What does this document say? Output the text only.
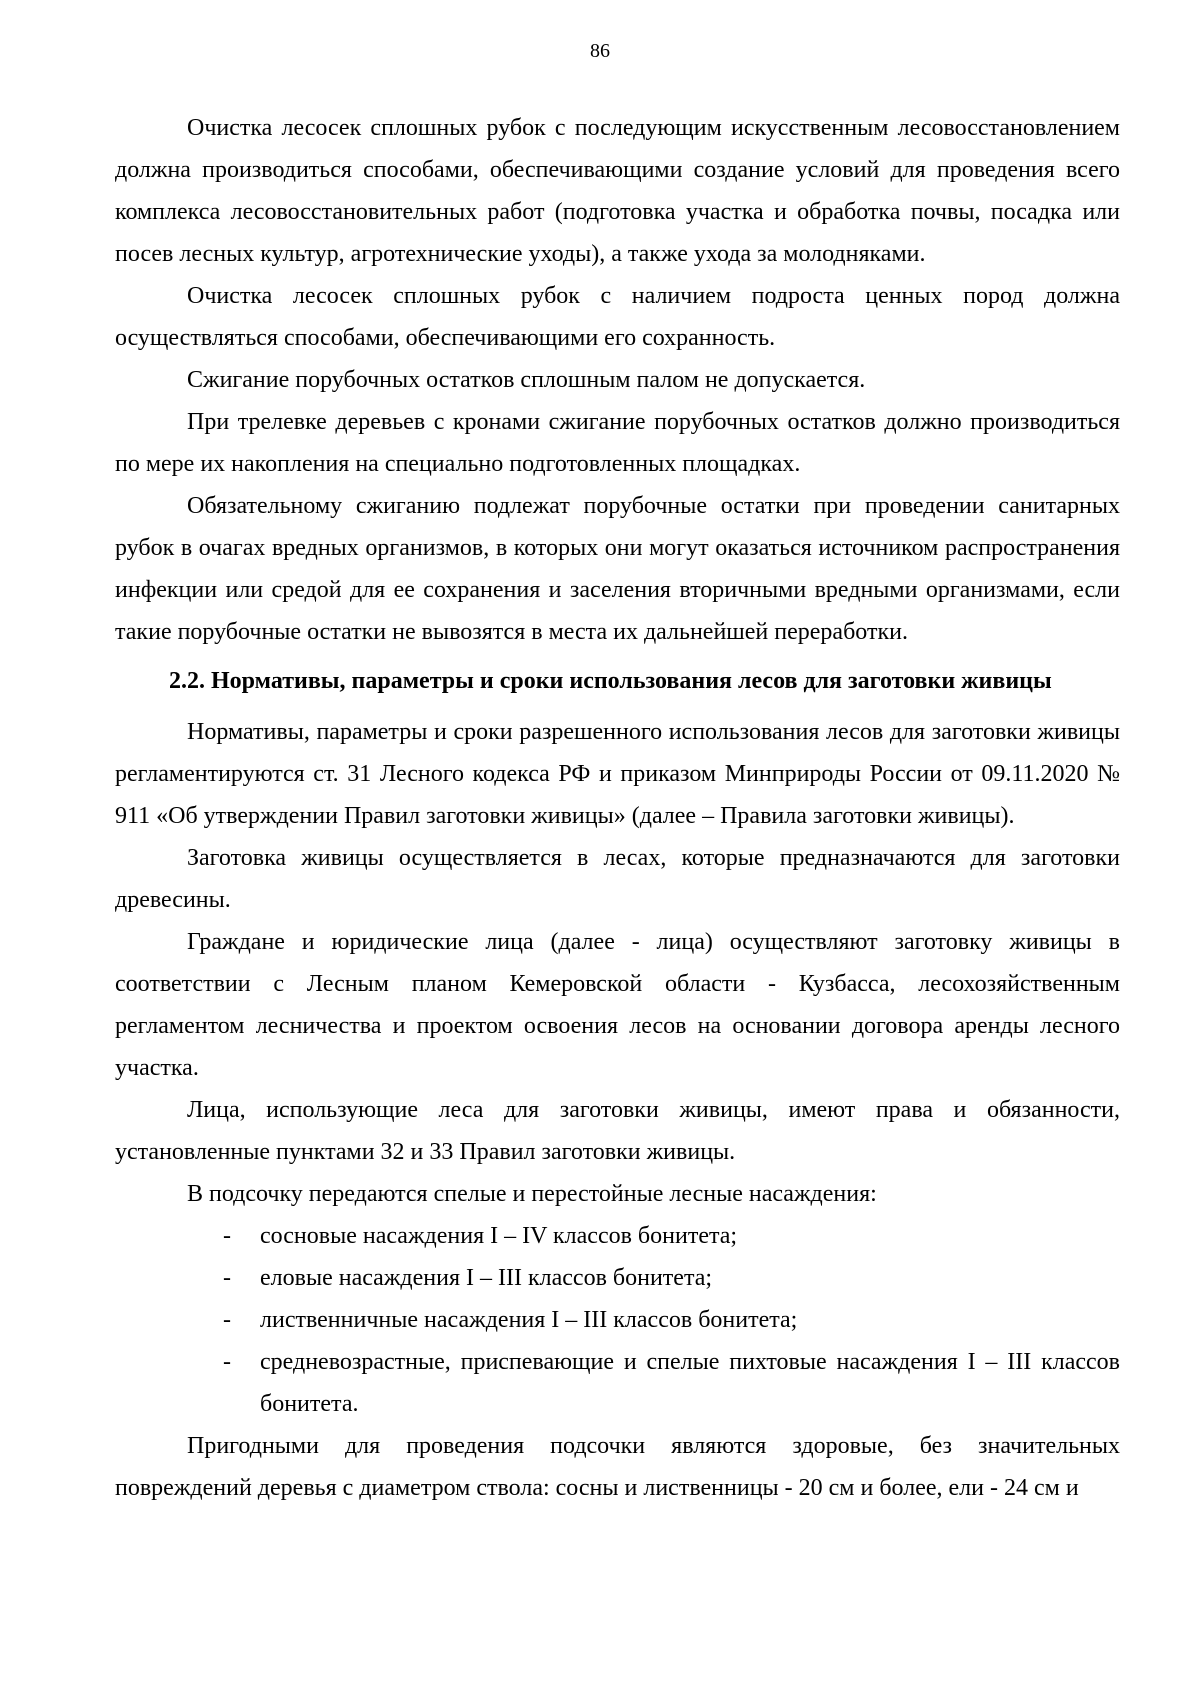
86

Очистка лесосек сплошных рубок с последующим искусственным лесовосстановлением должна производиться способами, обеспечивающими создание условий для проведения всего комплекса лесовосстановительных работ (подготовка участка и обработка почвы, посадка или посев лесных культур, агротехнические уходы), а также ухода за молодняками.

Очистка лесосек сплошных рубок с наличием подроста ценных пород должна осуществляться способами, обеспечивающими его сохранность.

Сжигание порубочных остатков сплошным палом не допускается.

При трелевке деревьев с кронами сжигание порубочных остатков должно производиться по мере их накопления на специально подготовленных площадках.

Обязательному сжиганию подлежат порубочные остатки при проведении санитарных рубок в очагах вредных организмов, в которых они могут оказаться источником распространения инфекции или средой для ее сохранения и заселения вторичными вредными организмами, если такие порубочные остатки не вывозятся в места их дальнейшей переработки.

2.2. Нормативы, параметры и сроки использования лесов для заготовки живицы

Нормативы, параметры и сроки разрешенного использования лесов для заготовки живицы регламентируются ст. 31 Лесного кодекса РФ и приказом Минприроды России от 09.11.2020 № 911 «Об утверждении Правил заготовки живицы» (далее – Правила заготовки живицы).

Заготовка живицы осуществляется в лесах, которые предназначаются для заготовки древесины.

Граждане и юридические лица (далее - лица) осуществляют заготовку живицы в соответствии с Лесным планом Кемеровской области - Кузбасса, лесохозяйственным регламентом лесничества и проектом освоения лесов на основании договора аренды лесного участка.

Лица, использующие леса для заготовки живицы, имеют права и обязанности, установленные пунктами 32 и 33 Правил заготовки живицы.

В подсочку передаются спелые и перестойные лесные насаждения:

- сосновые насаждения I – IV классов бонитета;
- еловые насаждения I – III классов бонитета;
- лиственничные насаждения I – III классов бонитета;
- средневозрастные, приспевающие и спелые пихтовые насаждения I – III классов бонитета.

Пригодными для проведения подсочки являются здоровые, без значительных повреждений деревья с диаметром ствола: сосны и лиственницы - 20 см и более, ели - 24 см и
